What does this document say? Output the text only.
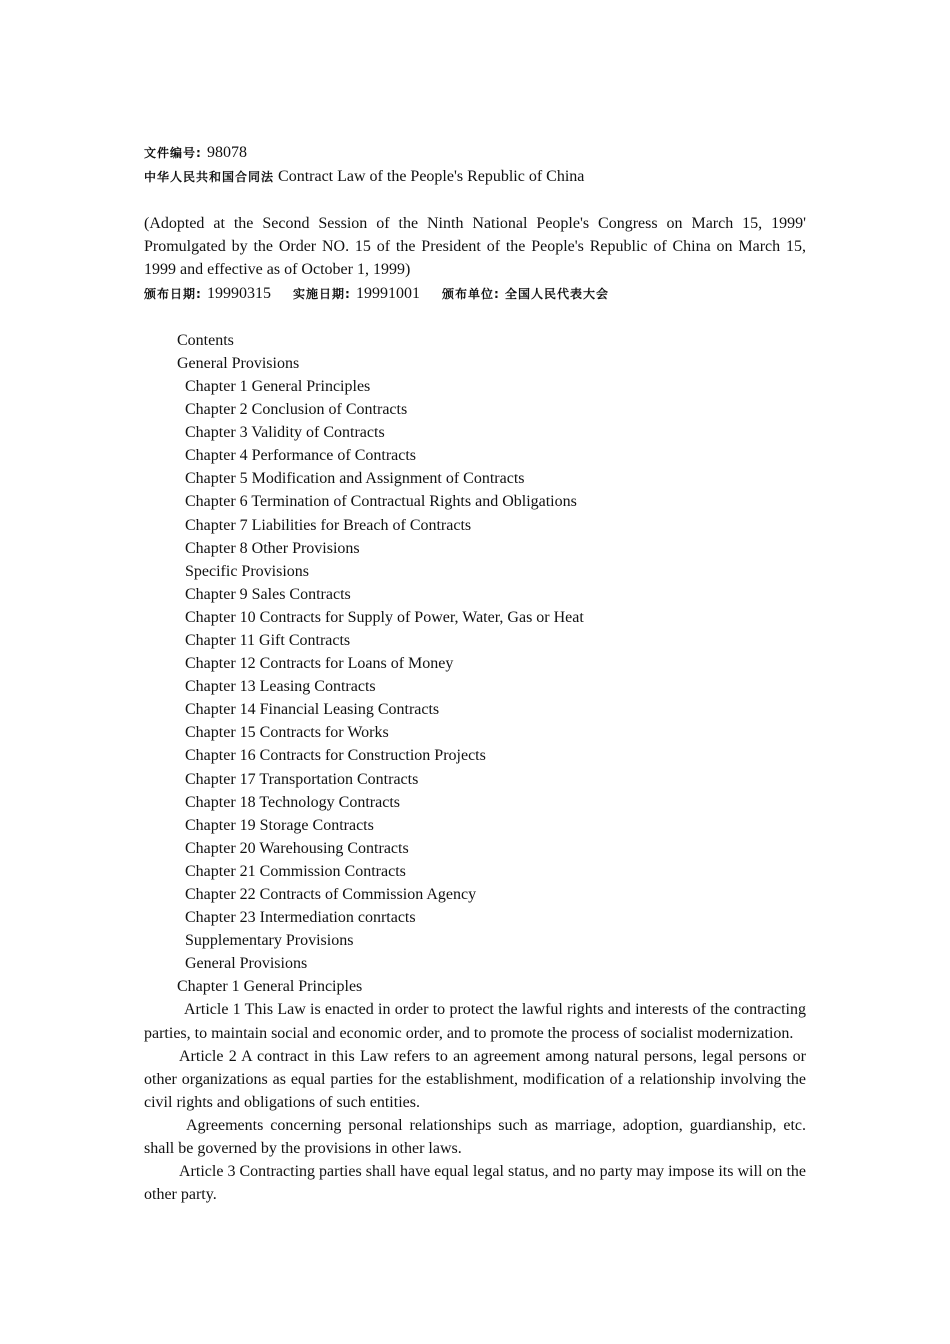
文件编号: 98078
中华人民共和国合同法 Contract Law of the People's Republic of China
(Adopted at the Second Session of the Ninth National People's Congress on March 15, 1999' Promulgated by the Order NO. 15 of the President of the People's Republic of China on March 15, 1999 and effective as of October 1, 1999)
颁布日期: 19990315 实施日期: 19991001 颁布单位: 全国人民代表大会
Contents
General Provisions
Chapter 1 General Principles
Chapter 2 Conclusion of Contracts
Chapter 3 Validity of Contracts
Chapter 4 Performance of Contracts
Chapter 5 Modification and Assignment of Contracts
Chapter 6 Termination of Contractual Rights and Obligations
Chapter 7 Liabilities for Breach of Contracts
Chapter 8 Other Provisions
Specific Provisions
Chapter 9 Sales Contracts
Chapter 10 Contracts for Supply of Power, Water, Gas or Heat
Chapter 11 Gift Contracts
Chapter 12 Contracts for Loans of Money
Chapter 13 Leasing Contracts
Chapter 14 Financial Leasing Contracts
Chapter 15 Contracts for Works
Chapter 16 Contracts for Construction Projects
Chapter 17 Transportation Contracts
Chapter 18 Technology Contracts
Chapter 19 Storage Contracts
Chapter 20 Warehousing Contracts
Chapter 21 Commission Contracts
Chapter 22 Contracts of Commission Agency
Chapter 23 Intermediation conrtacts
Supplementary Provisions
General Provisions
Chapter 1 General Principles
Article 1 This Law is enacted in order to protect the lawful rights and interests of the contracting parties, to maintain social and economic order, and to promote the process of socialist modernization.
Article 2 A contract in this Law refers to an agreement among natural persons, legal persons or other organizations as equal parties for the establishment, modification of a relationship involving the civil rights and obligations of such entities.
Agreements concerning personal relationships such as marriage, adoption, guardianship, etc. shall be governed by the provisions in other laws.
Article 3 Contracting parties shall have equal legal status, and no party may impose its will on the other party.
